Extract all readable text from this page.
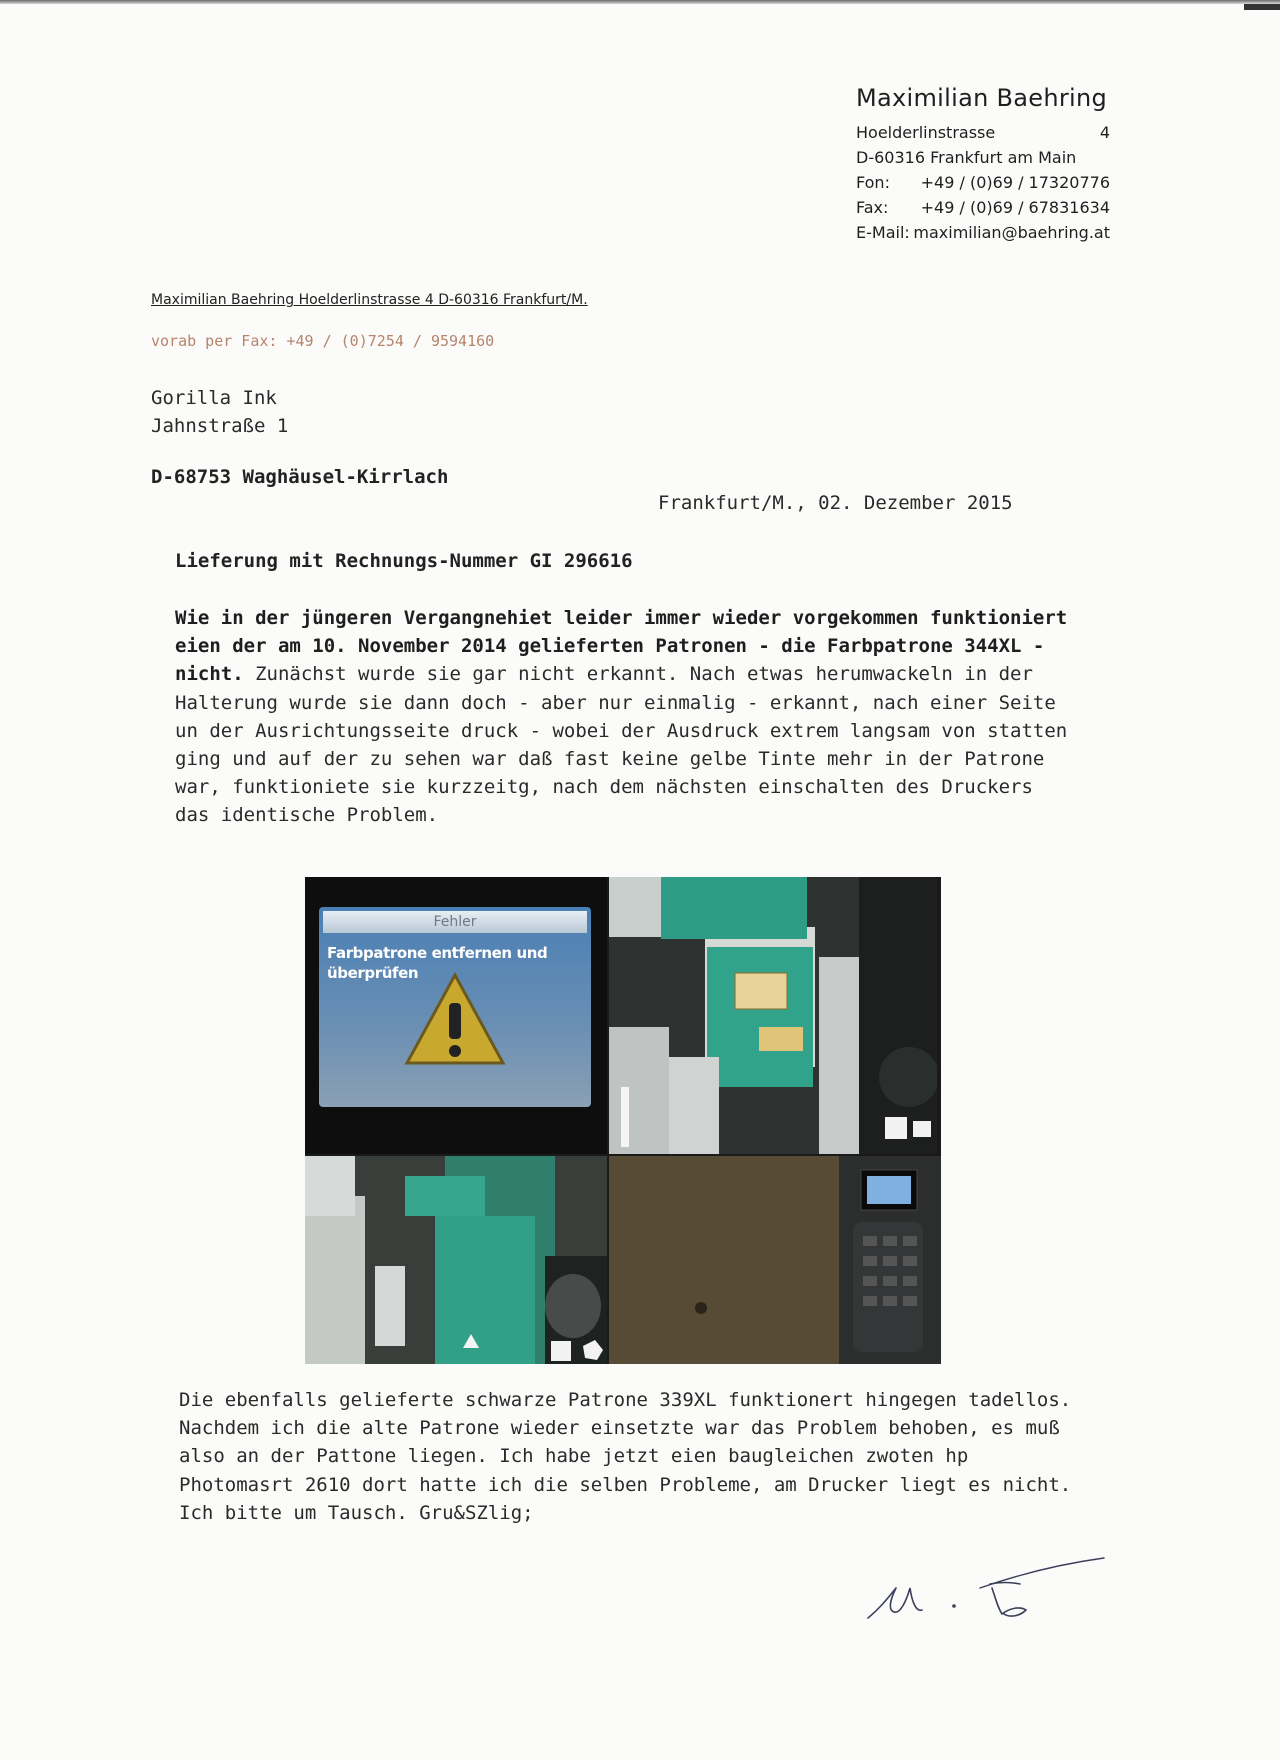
Maximilian Baehring
Hoelderlinstrasse	4
D-60316 Frankfurt am Main
Fon:	+49 / (0)69 / 17320776
Fax:	+49 / (0)69 / 67831634
E-Mail: maximilian@baehring.at
Maximilian Baehring Hoelderlinstrasse 4 D-60316 Frankfurt/M.
vorab per Fax: +49 / (0)7254 / 9594160
Gorilla Ink
Jahnstraße 1
D-68753 Waghäusel-Kirrlach
Frankfurt/M., 02. Dezember 2015
Lieferung mit Rechnungs-Nummer GI 296616
Wie in der jüngeren Vergangnehiet leider immer wieder vorgekommen funktioniert eien der am 10. November 2014 gelieferten Patronen - die Farbpatrone 344XL - nicht. Zunächst wurde sie gar nicht erkannt. Nach etwas herumwackeln in der Halterung wurde sie dann doch - aber nur einmalig - erkannt, nach einer Seite un der Ausrichtungsseite druck - wobei der Ausdruck extrem langsam von statten ging und auf der zu sehen war daß fast keine gelbe Tinte mehr in der Patrone war, funktioniete sie kurzzeitg, nach dem nächsten einschalten des Druckers das identische Problem.
Fehler
Farbpatrone entfernen und überprüfen
Die ebenfalls gelieferte schwarze Patrone 339XL funktionert hingegen tadellos. Nachdem ich die alte Patrone wieder einsetzte war das Problem behoben, es muß also an der Pattone liegen. Ich habe jetzt eien baugleichen zwoten hp Photomasrt 2610 dort hatte ich die selben Probleme, am Drucker liegt es nicht. Ich bitte um Tausch. Gru&SZlig;
